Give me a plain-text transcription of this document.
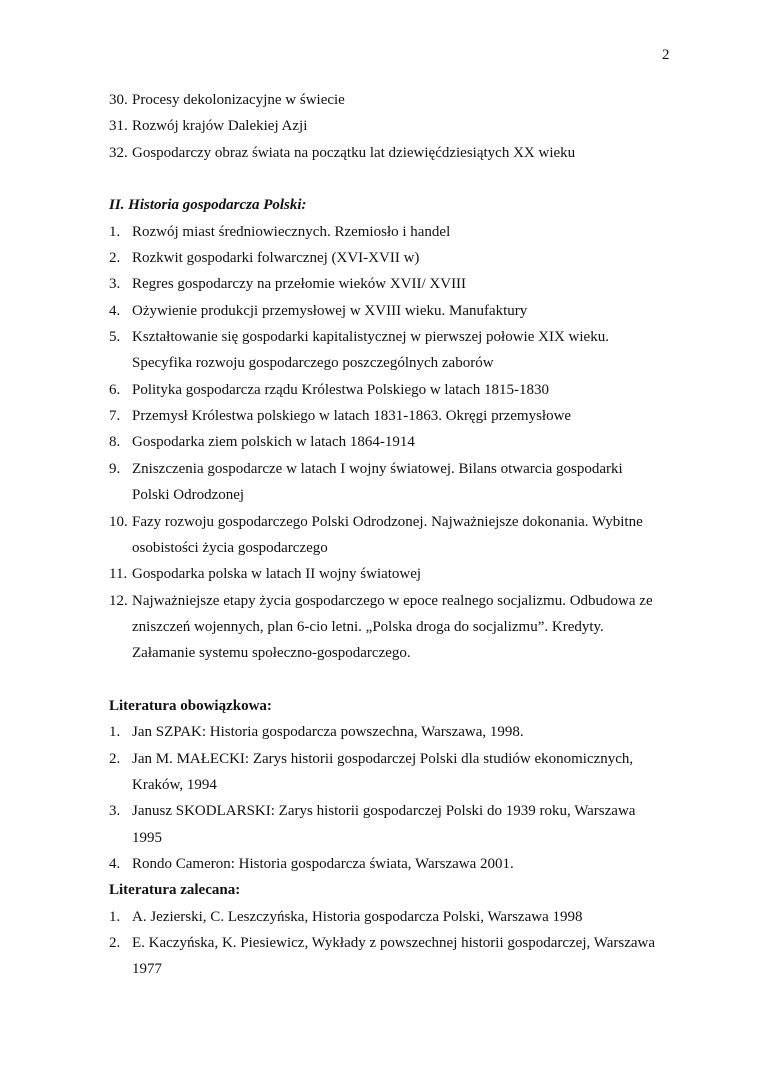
2
30. Procesy dekolonizacyjne w świecie
31. Rozwój krajów Dalekiej Azji
32. Gospodarczy obraz świata na początku lat dziewięćdziesiątych XX wieku
II. Historia gospodarcza Polski:
1. Rozwój miast średniowiecznych. Rzemiosło i handel
2. Rozkwit gospodarki folwarcznej (XVI-XVII w)
3. Regres gospodarczy na przełomie wieków XVII/ XVIII
4. Ożywienie produkcji przemysłowej w XVIII wieku. Manufaktury
5. Kształtowanie się gospodarki kapitalistycznej w pierwszej połowie XIX wieku.
Specyfika rozwoju gospodarczego poszczególnych zaborów
6. Polityka gospodarcza rządu Królestwa Polskiego w latach 1815-1830
7. Przemysł Królestwa polskiego w latach 1831-1863. Okręgi przemysłowe
8. Gospodarka ziem polskich w latach 1864-1914
9. Zniszczenia gospodarcze w latach I wojny światowej. Bilans otwarcia gospodarki
Polski Odrodzonej
10. Fazy rozwoju gospodarczego Polski Odrodzonej. Najważniejsze dokonania. Wybitne
osobistości życia gospodarczego
11. Gospodarka polska w latach II wojny światowej
12. Najważniejsze etapy życia gospodarczego w epoce realnego socjalizmu. Odbudowa ze
zniszczeń wojennych, plan 6-cio letni. „Polska droga do socjalizmu”. Kredyty.
Załamanie systemu społeczno-gospodarczego.
Literatura obowiązkowa:
1. Jan SZPAK: Historia gospodarcza powszechna, Warszawa, 1998.
2. Jan M. MAŁECKI: Zarys historii gospodarczej Polski dla studiów ekonomicznych,
Kraków, 1994
3. Janusz SKODLARSKI: Zarys historii gospodarczej Polski do 1939 roku, Warszawa
1995
4. Rondo Cameron: Historia gospodarcza świata, Warszawa 2001.
Literatura zalecana:
1. A. Jezierski, C. Leszczyńska, Historia gospodarcza Polski, Warszawa 1998
2. E. Kaczyńska, K. Piesiewicz, Wykłady z powszechnej historii gospodarczej, Warszawa
1977
